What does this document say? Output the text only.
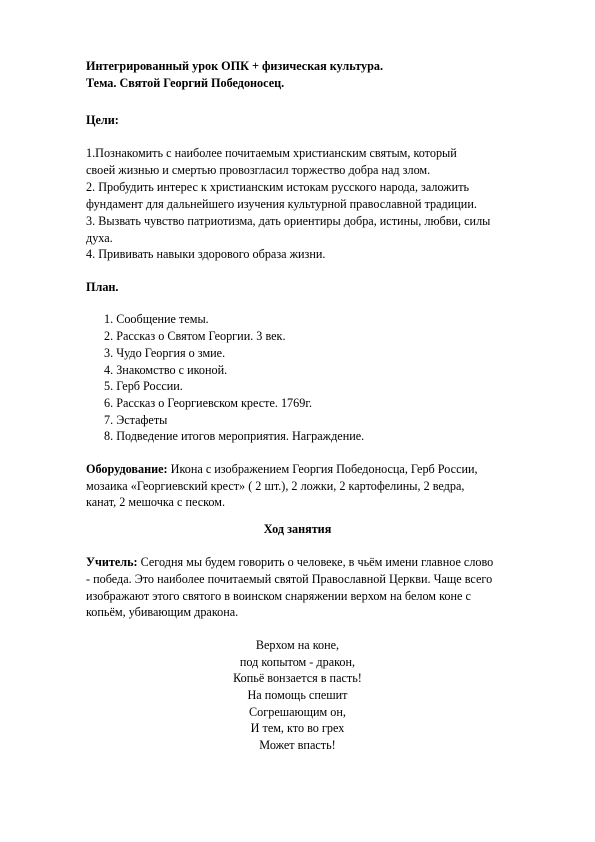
Интегрированный урок ОПК + физическая культура.
Тема. Святой Георгий Победоносец.
Цели:
1.Познакомить с наиболее почитаемым христианским святым, который
своей жизнью и смертью провозгласил торжество добра над злом.
2. Пробудить интерес к христианским истокам русского народа, заложить
фундамент для дальнейшего изучения культурной православной традиции.
3. Вызвать чувство патриотизма, дать ориентиры добра, истины, любви, силы
духа.
4. Прививать навыки здорового образа жизни.
План.
1. Сообщение темы.
2. Рассказ о Святом Георгии. 3 век.
3. Чудо Георгия о змие.
4. Знакомство с иконой.
5. Герб России.
6. Рассказ о Георгиевском кресте. 1769г.
7. Эстафеты
8. Подведение итогов мероприятия. Награждение.
Оборудование: Икона с изображением Георгия Победоносца, Герб России,
мозаика «Георгиевский крест» ( 2 шт.), 2 ложки, 2 картофелины, 2 ведра,
канат, 2 мешочка с песком.
Ход занятия
Учитель: Сегодня мы будем говорить о человеке, в чьём имени главное слово
- победа. Это наиболее почитаемый святой Православной Церкви. Чаще всего
изображают этого святого в воинском снаряжении верхом на белом коне с
копьём, убивающим дракона.
Верхом на коне,
под копытом - дракон,
Копьё вонзается в пасть!
На помощь спешит
Согрешающим он,
И тем, кто во грех
Может впасть!
